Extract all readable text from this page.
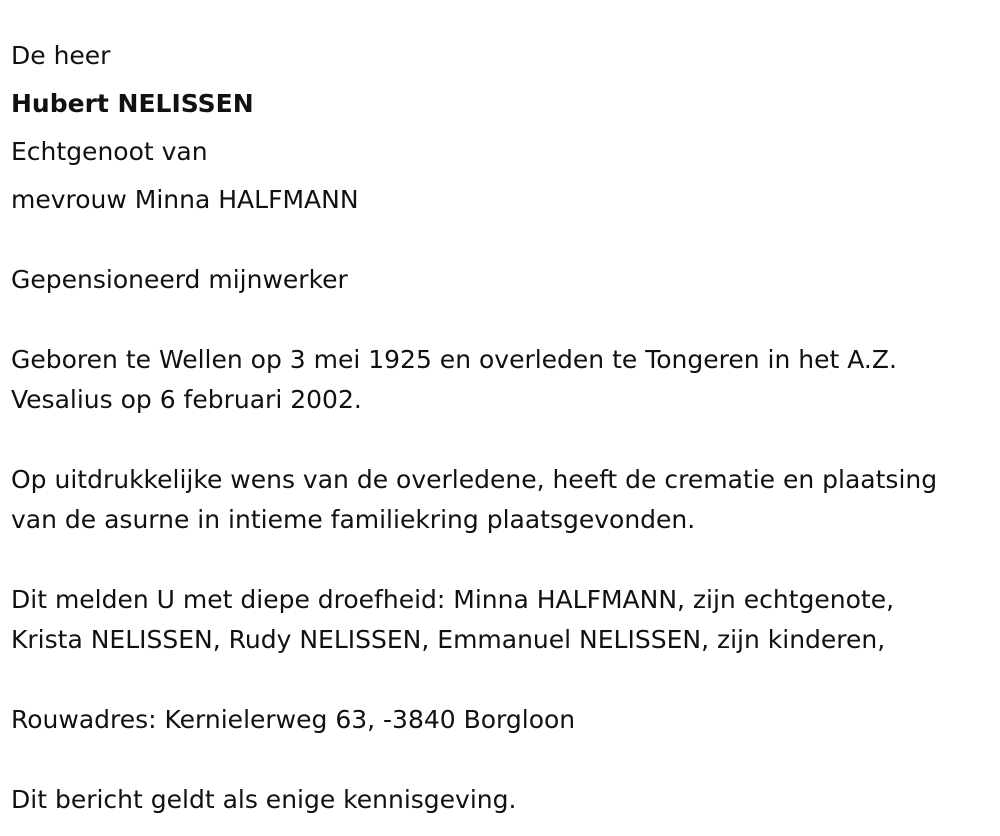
De heer

Hubert NELISSEN

Echtgenoot van

mevrouw Minna HALFMANN

Gepensioneerd mijnwerker

Geboren te Wellen op 3 mei 1925 en overleden te Tongeren in het A.Z.
Vesalius op 6 februari 2002.
Op uitdrukkelijke wens van de overledene, heeft de crematie en plaatsing
van de asurne in intieme familiekring plaatsgevonden.
Dit melden U met diepe droefheid: Minna HALFMANN, zijn echtgenote,
Krista NELISSEN, Rudy NELISSEN, Emmanuel NELISSEN, zijn kinderen,

Rouwadres: Kernielerweg 63, -3840 Borgloon

Dit bericht geldt als enige kennisgeving.
